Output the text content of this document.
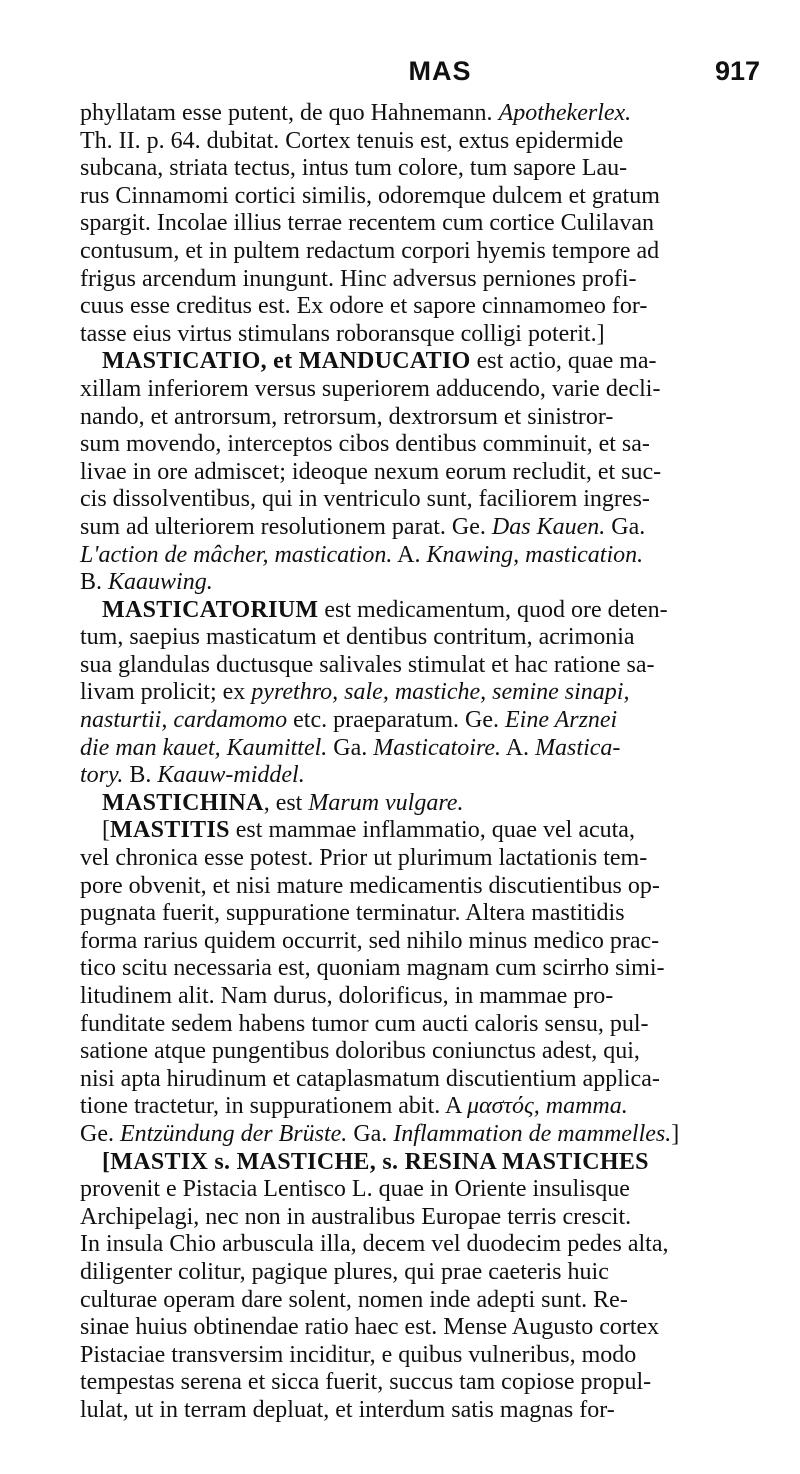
MAS	917
phyllatam esse putent, de quo Hahnemann. Apothekerlex.
Th. II. p. 64. dubitat. Cortex tenuis est, extus epidermide
subcana, striata tectus, intus tum colore, tum sapore Lau-
rus Cinnamomi cortici similis, odoremque dulcem et gratum
spargit. Incolae illius terrae recentem cum cortice Culilavan
contusum, et in pultem redactum corpori hyemis tempore ad
frigus arcendum inungunt. Hinc adversus perniones profi-
cuus esse creditus est. Ex odore et sapore cinnamomeo for-
tasse eius virtus stimulans roboransque colligi poterit.]
MASTICATIO, et MANDUCATIO est actio, quae ma-
xillam inferiorem versus superiorem adducendo, varie decli-
nando, et antrorsum, retrorsum, dextrorsum et sinistror-
sum movendo, interceptos cibos dentibus comminuit, et sa-
livae in ore admiscet; ideoque nexum eorum recludit, et suc-
cis dissolventibus, qui in ventriculo sunt, faciliorem ingres-
sum ad ulteriorem resolutionem parat. Ge. Das Kauen. Ga.
L'action de mâcher, mastication. A. Knawing, mastication.
B. Kaauwing.
MASTICATORIUM est medicamentum, quod ore deten-
tum, saepius masticatum et dentibus contritum, acrimonia
sua glandulas ductusque salivales stimulat et hac ratione sa-
livam prolicit; ex pyrethro, sale, mastiche, semine sinapi,
nasturtii, cardamomo etc. praeparatum. Ge. Eine Arznei
die man kauet, Kaumittel. Ga. Masticatoire. A. Mastica-
tory. B. Kaauw-middel.
MASTICHINA, est Marum vulgare.
[MASTITIS est mammae inflammatio, quae vel acuta,
vel chronica esse potest. Prior ut plurimum lactationis tem-
pore obvenit, et nisi mature medicamentis discutientibus op-
pugnata fuerit, suppuratione terminatur. Altera mastitidis
forma rarius quidem occurrit, sed nihilo minus medico prac-
tico scitu necessaria est, quoniam magnam cum scirrho simi-
litudinem alit. Nam durus, dolorificus, in mammae pro-
funditate sedem habens tumor cum aucti caloris sensu, pul-
satione atque pungentibus doloribus coniunctus adest, qui,
nisi apta hirudinum et cataplasmatum discutientium applica-
tione tractetur, in suppurationem abit. A μαστός, mamma.
Ge. Entzündung der Brüste. Ga. Inflammation de mammelles.]
[MASTIX s. MASTICHE, s. RESINA MASTICHES
provenit e Pistacia Lentisco L. quae in Oriente insulisque
Archipelagi, nec non in australibus Europae terris crescit.
In insula Chio arbuscula illa, decem vel duodecim pedes alta,
diligenter colitur, pagique plures, qui prae caeteris huic
culturae operam dare solent, nomen inde adepti sunt. Re-
sinae huius obtinendae ratio haec est. Mense Augusto cortex
Pistaciae transversim inciditur, e quibus vulneribus, modo
tempestas serena et sicca fuerit, succus tam copiose propul-
lulat, ut in terram depluat, et interdum satis magnas for-
